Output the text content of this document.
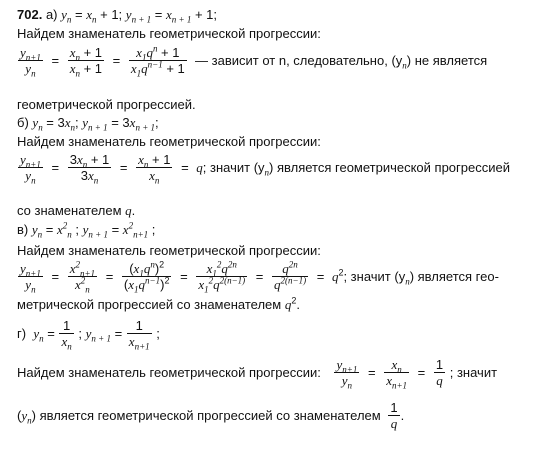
702. а) $y_n = x_n + 1$; $y_{n + 1} = x_{n + 1} + 1$;
Найдем знаменатель геометрической прогрессии:
$\frac{y_{n+1}}{y_n} = \frac{x_n + 1}{x_n + 1} = \frac{x_1q^n + 1}{x_1q^{n-1} + 1}$ — зависит от n, следовательно, $(y_n)$ не является
геометрической прогрессией.
б) $y_n = 3x_n$; $y_{n + 1} = 3x_{n + 1}$;
Найдем знаменатель геометрической прогрессии:
$\frac{y_{n+1}}{y_n} = \frac{3x_n + 1}{3x_n} = \frac{x_n + 1}{x_n} = q$; значит $(y_n)$ является геометрической прогрессией
со знаменателем q.
в) $y_n = x^2_n$ ; $y_{n + 1} = x^2_{n+1}$ ;
Найдем знаменатель геометрической прогрессии:
$\frac{y_{n+1}}{y_n} = \frac{x^2_{n+1}}{x^2_n} = \frac{(x_1q^n)^2}{(x_1q^{n-1})^2} = \frac{x_1^2q^{2n}}{x_1^2q^{2(n-1)}} = \frac{q^{2n}}{q^{2(n-1)}} = q^2$; значит $(y_n)$ является гео-
метрической прогрессией со знаменателем $q^2$.
г) $y_n = \frac{1}{x_n}$ ; $y_{n + 1} = \frac{1}{x_{n+1}}$ ;
Найдем знаменатель геометрической прогрессии: $\frac{y_{n+1}}{y_n} = \frac{x_n}{x_{n+1}} = \frac{1}{q}$ ; значит
$(y_n)$ является геометрической прогрессией со знаменателем $\frac{1}{q}$ .
